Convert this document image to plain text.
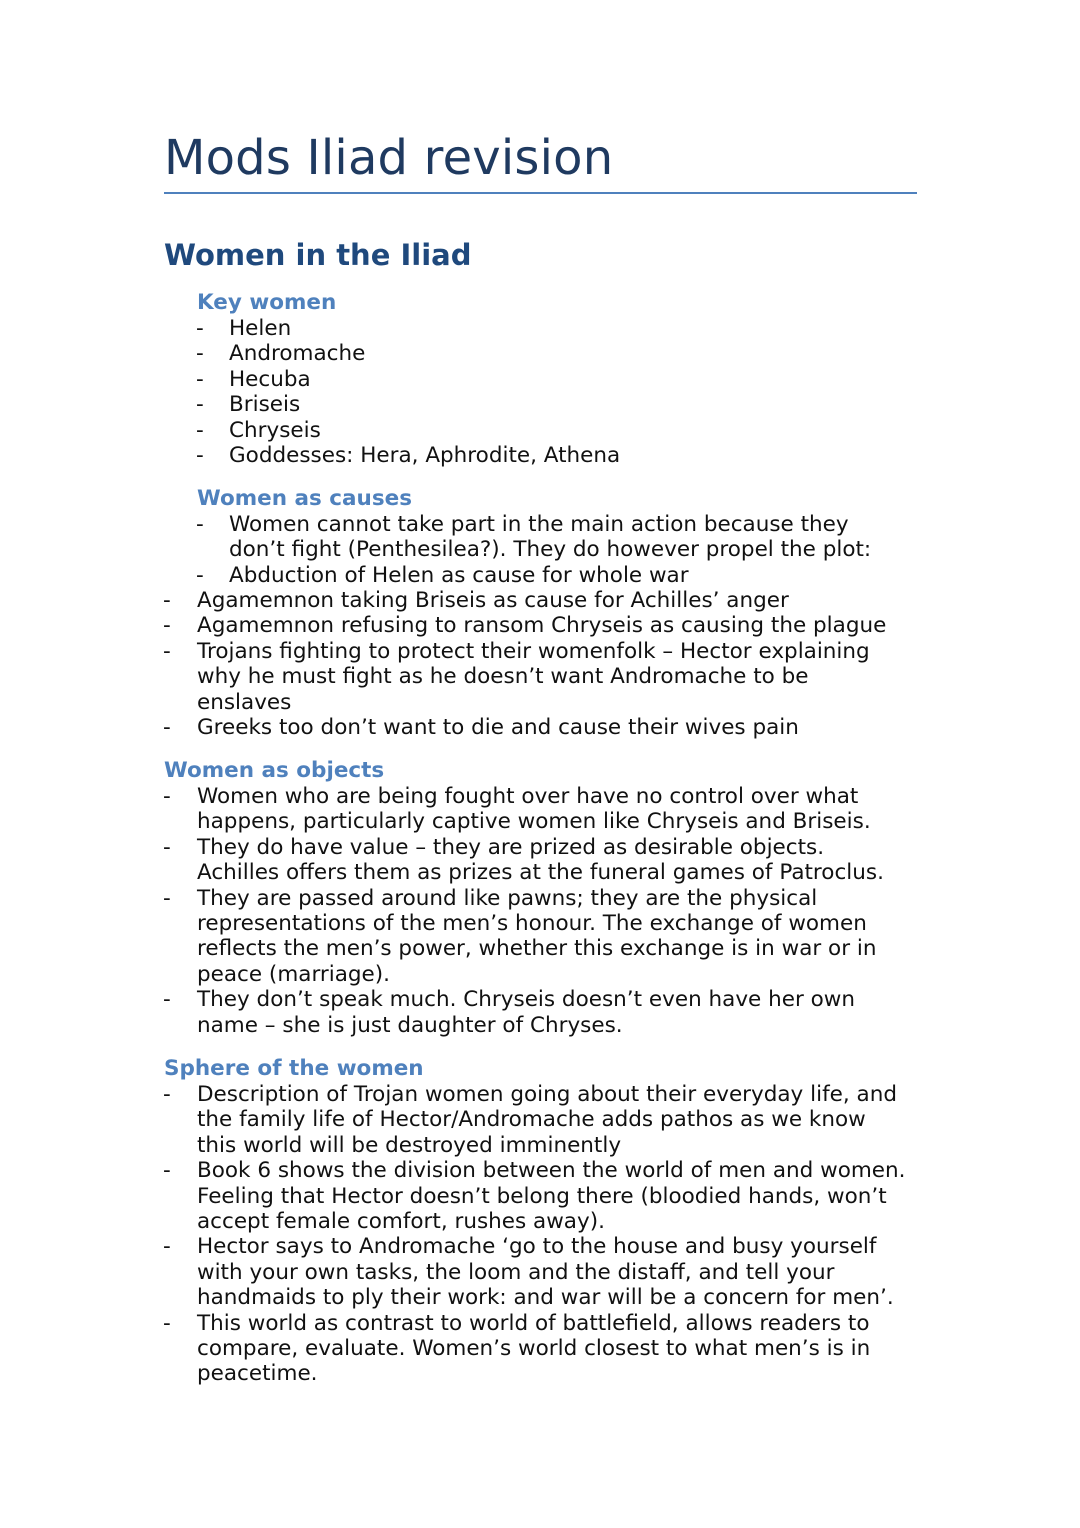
Mods Iliad revision
Women in the Iliad
Key women
- Helen
- Andromache
- Hecuba
- Briseis
- Chryseis
- Goddesses: Hera, Aphrodite, Athena
Women as causes
- Women cannot take part in the main action because they
don’t fight (Penthesilea?). They do however propel the plot:
- Abduction of Helen as cause for whole war
- Agamemnon taking Briseis as cause for Achilles’ anger
- Agamemnon refusing to ransom Chryseis as causing the plague
- Trojans fighting to protect their womenfolk – Hector explaining
why he must fight as he doesn’t want Andromache to be
enslaves
- Greeks too don’t want to die and cause their wives pain
Women as objects
- Women who are being fought over have no control over what
happens, particularly captive women like Chryseis and Briseis.
- They do have value – they are prized as desirable objects.
Achilles offers them as prizes at the funeral games of Patroclus.
- They are passed around like pawns; they are the physical
representations of the men’s honour. The exchange of women
reflects the men’s power, whether this exchange is in war or in
peace (marriage).
- They don’t speak much. Chryseis doesn’t even have her own
name – she is just daughter of Chryses.
Sphere of the women
- Description of Trojan women going about their everyday life, and
the family life of Hector/Andromache adds pathos as we know
this world will be destroyed imminently
- Book 6 shows the division between the world of men and women.
Feeling that Hector doesn’t belong there (bloodied hands, won’t
accept female comfort, rushes away).
- Hector says to Andromache ‘go to the house and busy yourself
with your own tasks, the loom and the distaff, and tell your
handmaids to ply their work: and war will be a concern for men’.
- This world as contrast to world of battlefield, allows readers to
compare, evaluate. Women’s world closest to what men’s is in
peacetime.
